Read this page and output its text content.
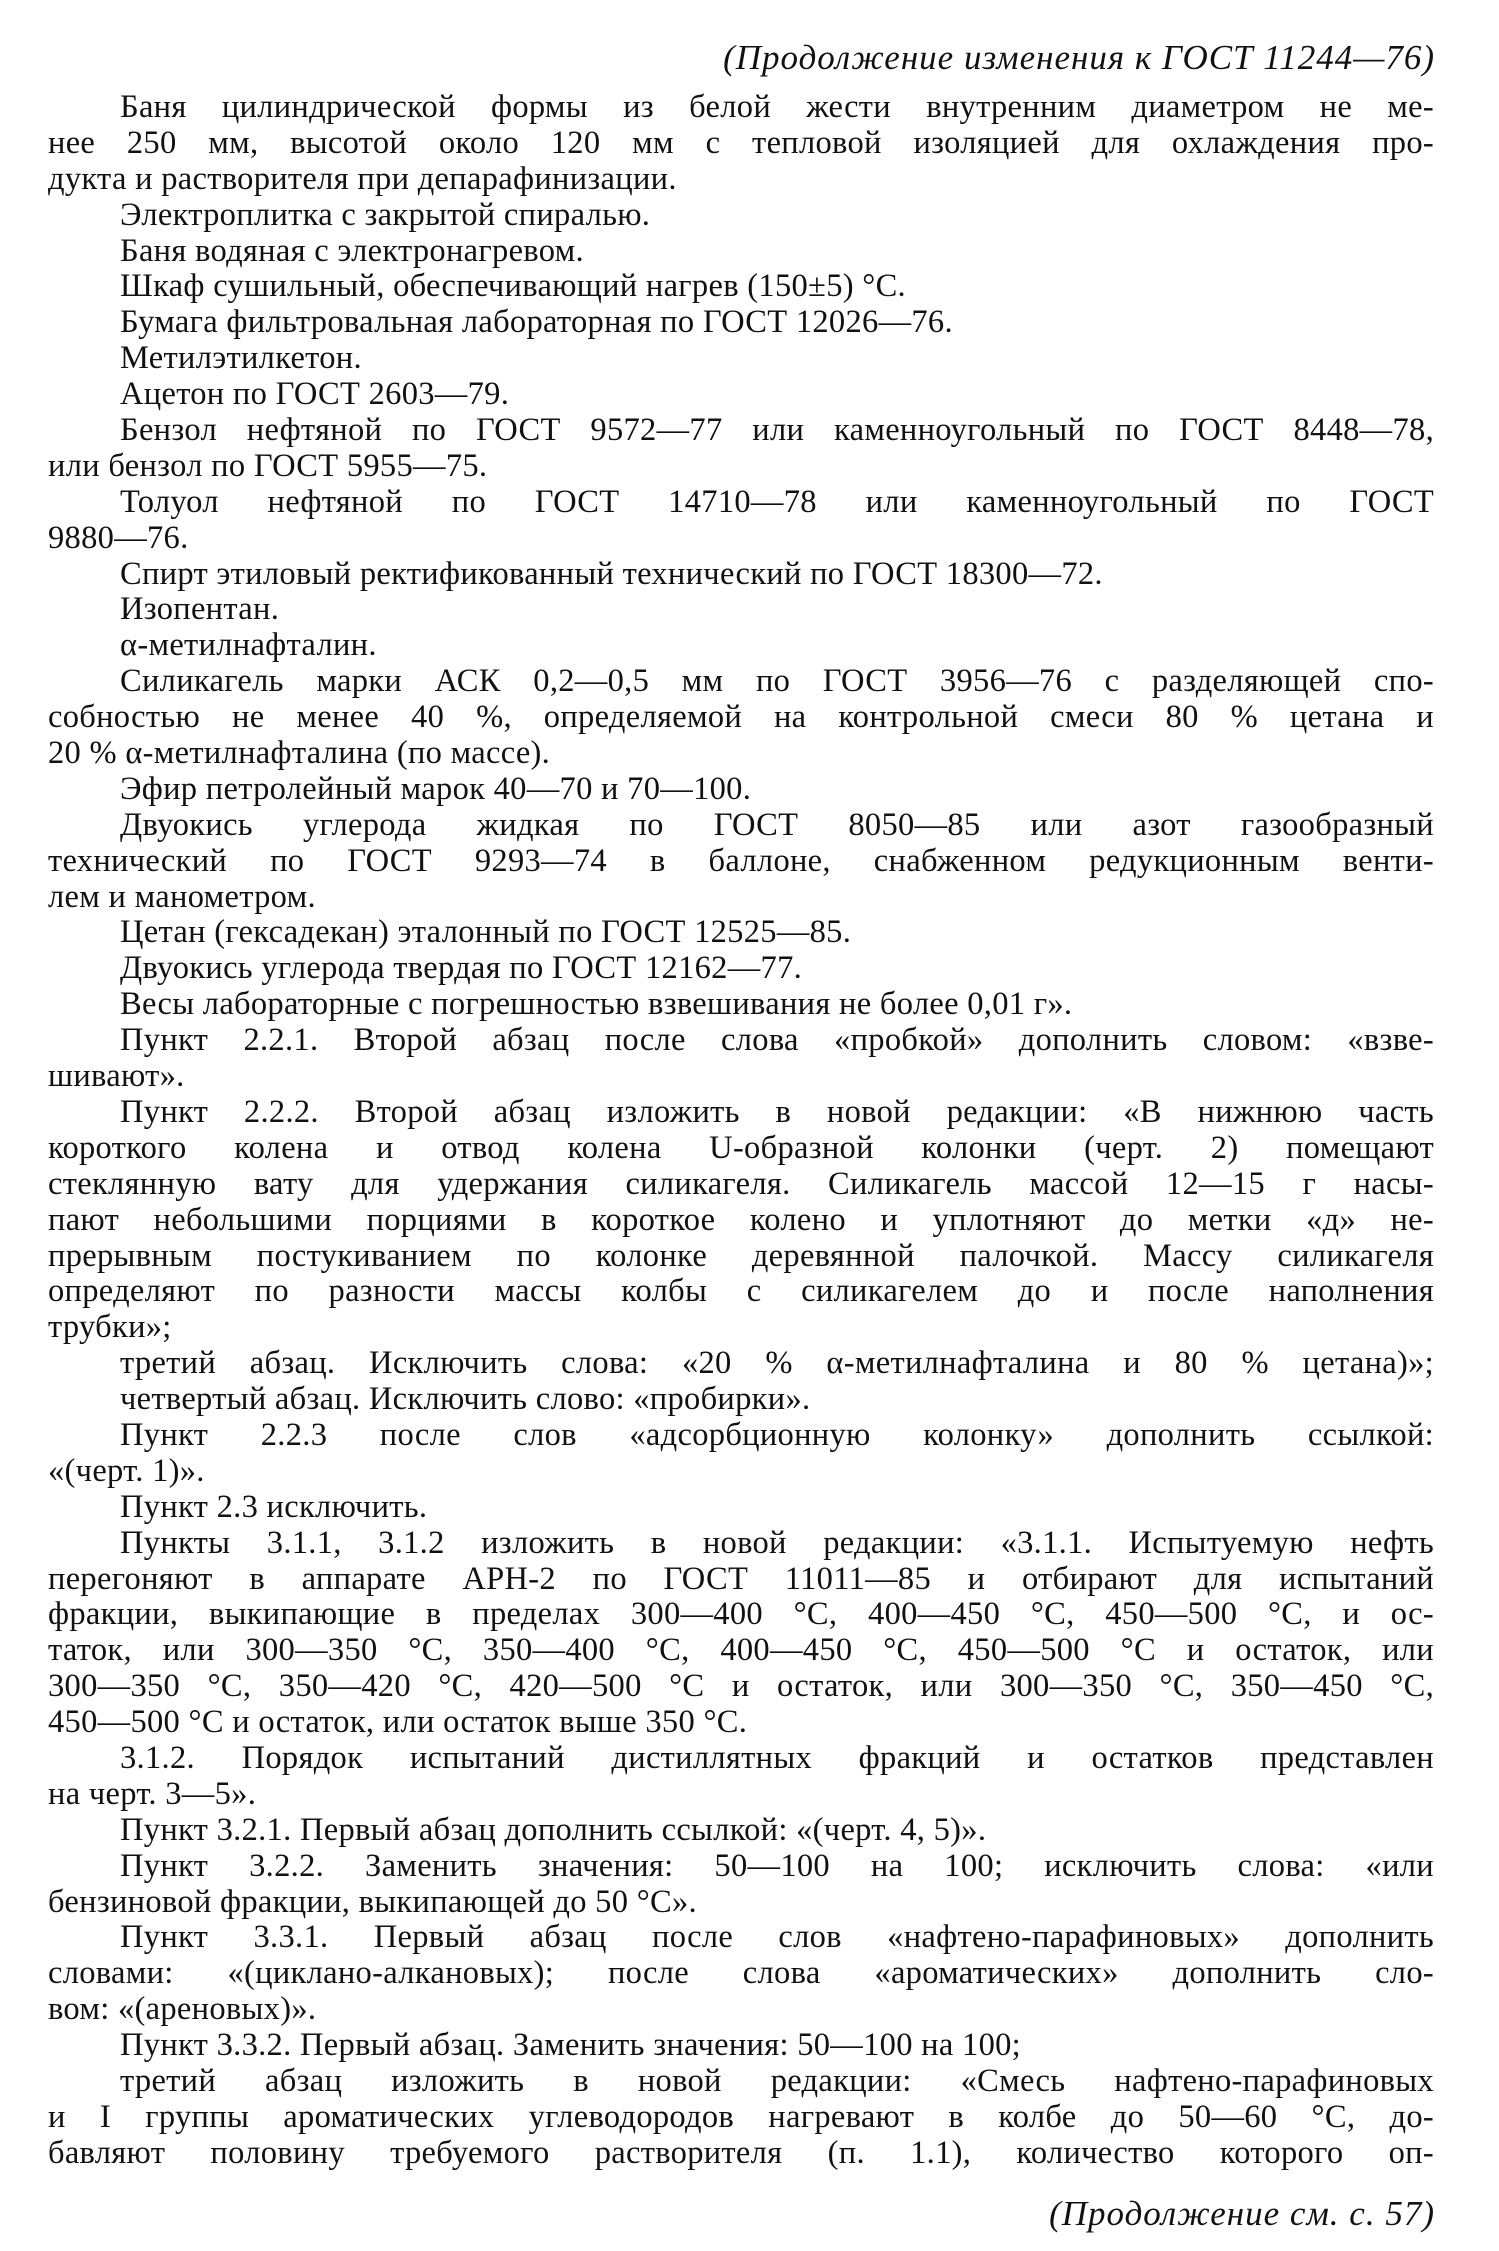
(Продолжение изменения к ГОСТ 11244—76)
Баня цилиндрической формы из белой жести внутренним диаметром не ме-
нее 250 мм, высотой около 120 мм с тепловой изоляцией для охлаждения про-
дукта и растворителя при депарафинизации.
Электроплитка с закрытой спиралью.
Баня водяная с электронагревом.
Шкаф сушильный, обеспечивающий нагрев (150±5) °С.
Бумага фильтровальная лабораторная по ГОСТ 12026—76.
Метилэтилкетон.
Ацетон по ГОСТ 2603—79.
Бензол нефтяной по ГОСТ 9572—77 или каменноугольный по ГОСТ 8448—78,
или бензол по ГОСТ 5955—75.
Толуол нефтяной по ГОСТ 14710—78 или каменноугольный по ГОСТ
9880—76.
Спирт этиловый ректификованный технический по ГОСТ 18300—72.
Изопентан.
α-метилнафталин.
Силикагель марки АСК 0,2—0,5 мм по ГОСТ 3956—76 с разделяющей спо-
собностью не менее 40 %, определяемой на контрольной смеси 80 % цетана и
20 % α-метилнафталина (по массе).
Эфир петролейный марок 40—70 и 70—100.
Двуокись углерода жидкая по ГОСТ 8050—85 или азот газообразный
технический по ГОСТ 9293—74 в баллоне, снабженном редукционным венти-
лем и манометром.
Цетан (гексадекан) эталонный по ГОСТ 12525—85.
Двуокись углерода твердая по ГОСТ 12162—77.
Весы лабораторные с погрешностью взвешивания не более 0,01 г».
Пункт 2.2.1. Второй абзац после слова «пробкой» дополнить словом: «взве-
шивают».
Пункт 2.2.2. Второй абзац изложить в новой редакции: «В нижнюю часть
короткого колена и отвод колена U-образной колонки (черт. 2) помещают
стеклянную вату для удержания силикагеля. Силикагель массой 12—15 г насы-
пают небольшими порциями в короткое колено и уплотняют до метки «д» не-
прерывным постукиванием по колонке деревянной палочкой. Массу силикагеля
определяют по разности массы колбы с силикагелем до и после наполнения
трубки»;
третий абзац. Исключить слова: «20 % α-метилнафталина и 80 % цетана)»;
четвертый абзац. Исключить слово: «пробирки».
Пункт 2.2.3 после слов «адсорбционную колонку» дополнить ссылкой:
«(черт. 1)».
Пункт 2.3 исключить.
Пункты 3.1.1, 3.1.2 изложить в новой редакции: «3.1.1. Испытуемую нефть
перегоняют в аппарате АРН-2 по ГОСТ 11011—85 и отбирают для испытаний
фракции, выкипающие в пределах 300—400 °С, 400—450 °С, 450—500 °С, и ос-
таток, или 300—350 °С, 350—400 °С, 400—450 °С, 450—500 °С и остаток, или
300—350 °С, 350—420 °С, 420—500 °С и остаток, или 300—350 °С, 350—450 °С,
450—500 °С и остаток, или остаток выше 350 °С.
3.1.2. Порядок испытаний дистиллятных фракций и остатков представлен
на черт. 3—5».
Пункт 3.2.1. Первый абзац дополнить ссылкой: «(черт. 4, 5)».
Пункт 3.2.2. Заменить значения: 50—100 на 100; исключить слова: «или
бензиновой фракции, выкипающей до 50 °С».
Пункт 3.3.1. Первый абзац после слов «нафтено-парафиновых» дополнить
словами: «(циклано-алкановых); после слова «ароматических» дополнить сло-
вом: «(ареновых)».
Пункт 3.3.2. Первый абзац. Заменить значения: 50—100 на 100;
третий абзац изложить в новой редакции: «Смесь нафтено-парафиновых
и I группы ароматических углеводородов нагревают в колбе до 50—60 °С, до-
бавляют половину требуемого растворителя (п. 1.1), количество которого оп-
(Продолжение см. с. 57)
